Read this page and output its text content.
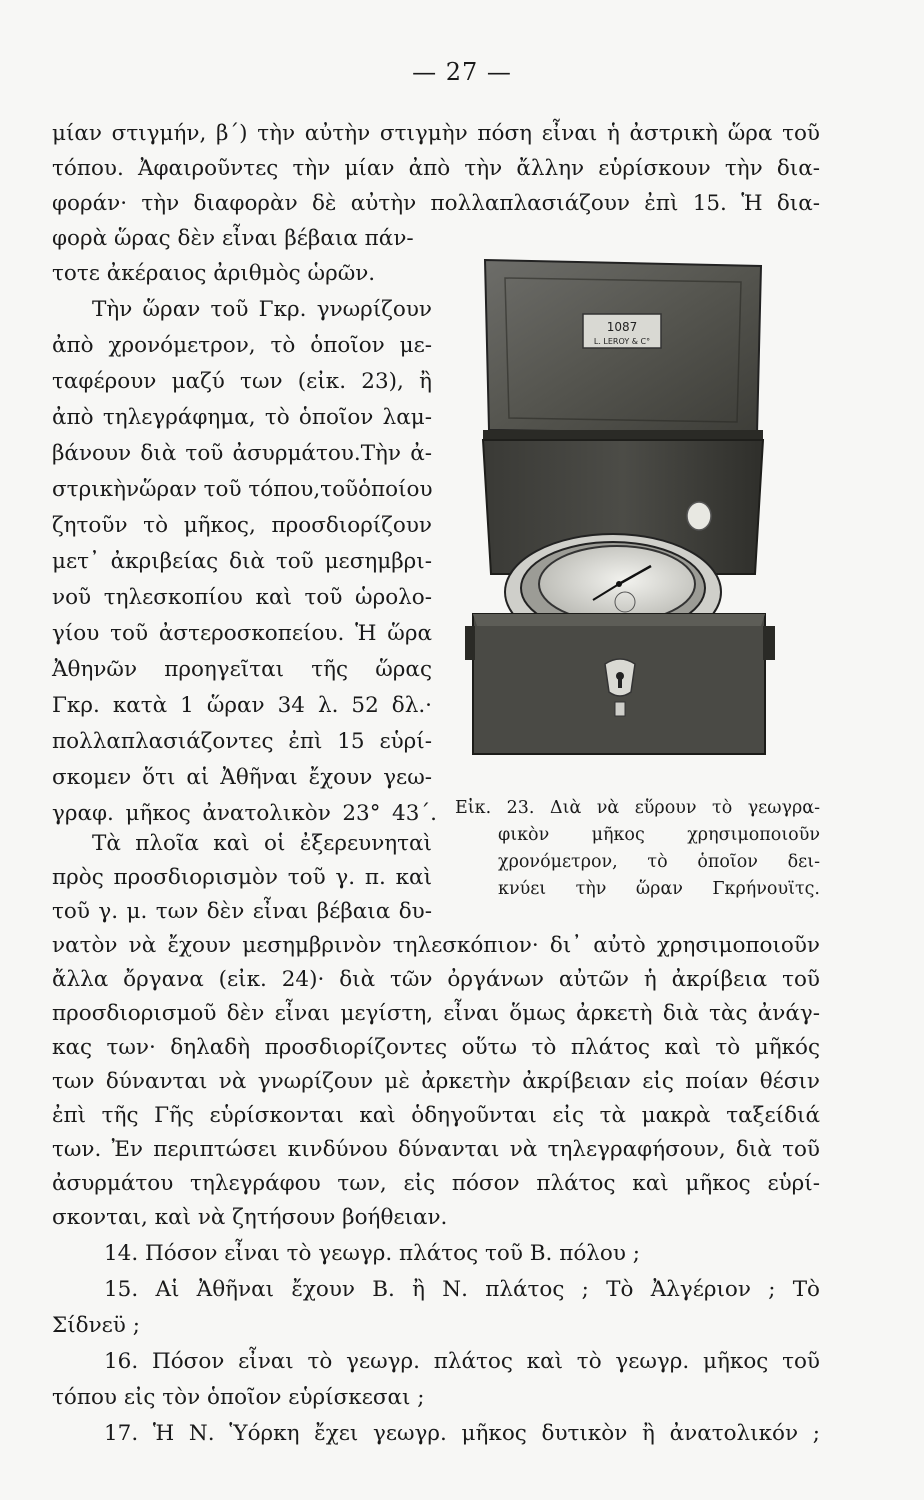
— 27 —
μίαν στιγμήν, β΄) τὴν αὐτὴν στιγμὴν πόση εἶναι ἡ ἀστρικὴ ὥρα τοῦ
τόπου. Ἀφαιροῦντες τὴν μίαν ἀπὸ τὴν ἄλλην εὑρίσκουν τὴν δια-
φοράν· τὴν διαφορὰν δὲ αὐτὴν πολλαπλασιάζουν ἐπὶ 15. Ἡ δια-
φορὰ ὥρας δὲν εἶναι βέβαια πάν-
τοτε ἀκέραιος ἀριθμὸς ὡρῶν.
Τὴν ὥραν τοῦ Γκρ. γνωρίζουν
ἀπὸ χρονόμετρον, τὸ ὁποῖον με-
ταφέρουν μαζύ των (εἰκ. 23), ἢ
ἀπὸ τηλεγράφημα, τὸ ὁποῖον λαμ-
βάνουν διὰ τοῦ ἀσυρμάτου.Τὴν ἀ-
στρικὴνὥραν τοῦ τόπου,τοῦὁποίου
ζητοῦν τὸ μῆκος, προσδιορίζουν
μετ᾽ ἀκριβείας διὰ τοῦ μεσημβρι-
νοῦ τηλεσκοπίου καὶ τοῦ ὡρολο-
γίου τοῦ ἀστεροσκοπείου. Ἡ ὥρα
Ἀθηνῶν προηγεῖται τῆς ὥρας
Γκρ. κατὰ 1 ὥραν 34 λ. 52 δλ.·
πολλαπλασιάζοντες ἐπὶ 15 εὑρί-
σκομεν ὅτι αἱ Ἀθῆναι ἔχουν γεω-
γραφ. μῆκος ἀνατολικὸν 23° 43΄.
Τὰ πλοῖα καὶ οἱ ἐξερευνηταὶ
πρὸς προσδιορισμὸν τοῦ γ. π. καὶ
τοῦ γ. μ. των δὲν εἶναι βέβαια δυ-
νατὸν νὰ ἔχουν μεσημβρινὸν τηλεσκόπιον· δι᾽ αὐτὸ χρησιμοποιοῦν
ἄλλα ὄργανα (εἰκ. 24)· διὰ τῶν ὀργάνων αὐτῶν ἡ ἀκρίβεια τοῦ
προσδιορισμοῦ δὲν εἶναι μεγίστη, εἶναι ὅμως ἀρκετὴ διὰ τὰς ἀνάγ-
κας των· δηλαδὴ προσδιορίζοντες οὕτω τὸ πλάτος καὶ τὸ μῆκός
των δύνανται νὰ γνωρίζουν μὲ ἀρκετὴν ἀκρίβειαν εἰς ποίαν θέσιν
ἐπὶ τῆς Γῆς εὑρίσκονται καὶ ὁδηγοῦνται εἰς τὰ μακρὰ ταξείδιά
των. Ἐν περιπτώσει κινδύνου δύνανται νὰ τηλεγραφήσουν, διὰ τοῦ
ἀσυρμάτου τηλεγράφου των, εἰς πόσον πλάτος καὶ μῆκος εὑρί-
σκονται, καὶ νὰ ζητήσουν βοήθειαν.
1087
L. LEROY & C°
Εἰκ. 23. Διὰ νὰ εὕρουν τὸ γεωγρα-
φικὸν μῆκος χρησιμοποιοῦν
χρονόμετρον, τὸ ὁποῖον δει-
κνύει τὴν ὥραν Γκρήνουϊτς.
14. Πόσον εἶναι τὸ γεωγρ. πλάτος τοῦ Β. πόλου ;
15. Αἱ Ἀθῆναι ἔχουν Β. ἢ Ν. πλάτος ; Τὸ Ἀλγέριον ; Τὸ
Σίδνεϋ ;
16. Πόσον εἶναι τὸ γεωγρ. πλάτος καὶ τὸ γεωγρ. μῆκος τοῦ
τόπου εἰς τὸν ὁποῖον εὑρίσκεσαι ;
17. Ἡ Ν. Ὑόρκη ἔχει γεωγρ. μῆκος δυτικὸν ἢ ἀνατολικόν ;
